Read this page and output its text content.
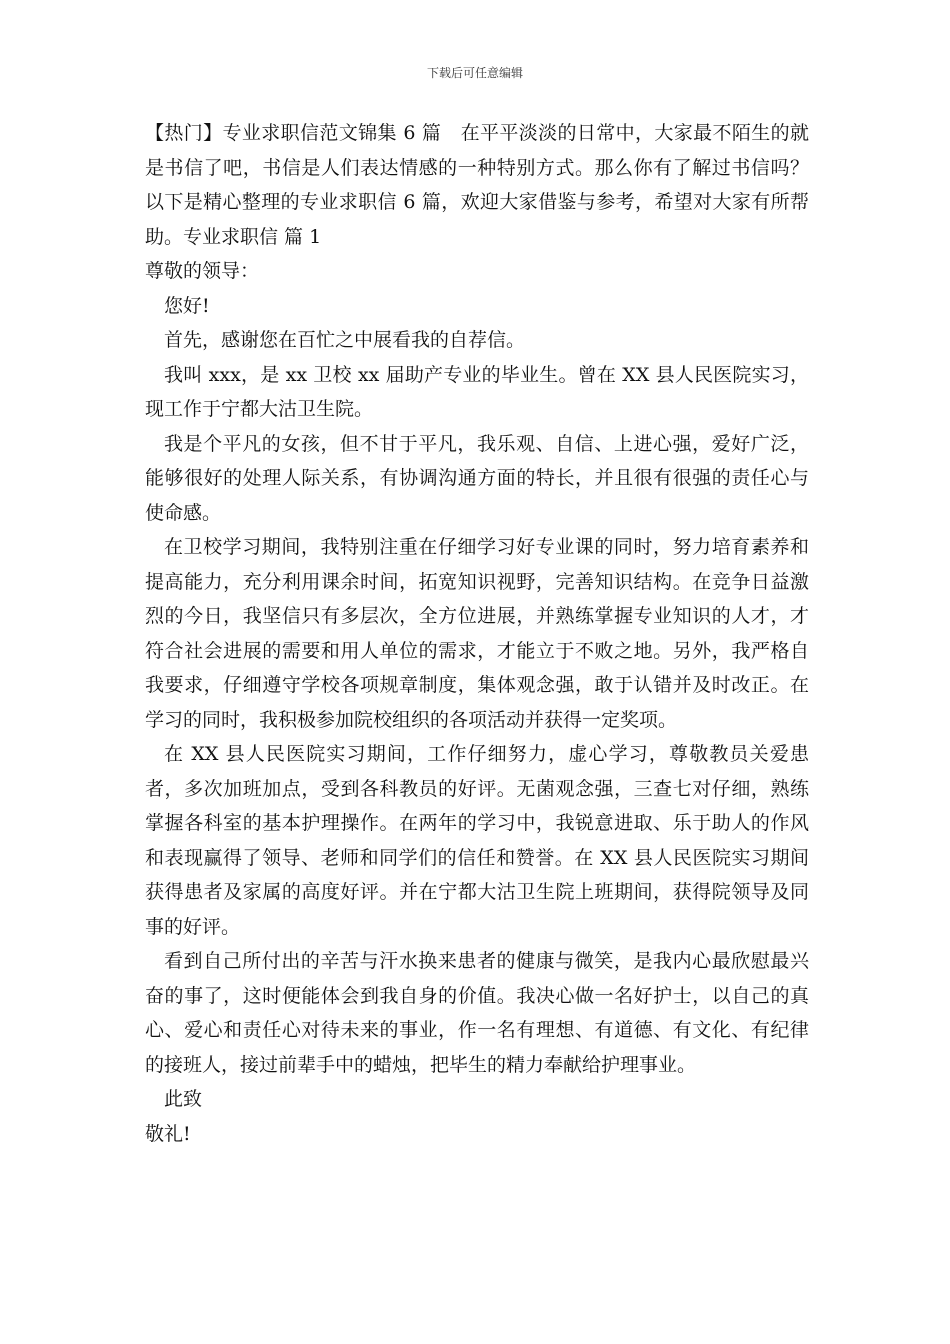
下载后可任意编辑

【热门】专业求职信范文锦集 6 篇　在平平淡淡的日常中，大家最不陌生的就是书信了吧，书信是人们表达情感的一种特别方式。那么你有了解过书信吗？以下是精心整理的专业求职信 6 篇，欢迎大家借鉴与参考，希望对大家有所帮助。专业求职信 篇 1

尊敬的领导：

您好!

首先，感谢您在百忙之中展看我的自荐信。

我叫 xxx，是 xx 卫校 xx 届助产专业的毕业生。曾在 XX 县人民医院实习，现工作于宁都大沽卫生院。

我是个平凡的女孩，但不甘于平凡，我乐观、自信、上进心强，爱好广泛，能够很好的处理人际关系，有协调沟通方面的特长，并且很有很强的责任心与使命感。

在卫校学习期间，我特别注重在仔细学习好专业课的同时，努力培育素养和提高能力，充分利用课余时间，拓宽知识视野，完善知识结构。在竞争日益激烈的今日，我坚信只有多层次，全方位进展，并熟练掌握专业知识的人才，才符合社会进展的需要和用人单位的需求，才能立于不败之地。另外，我严格自我要求，仔细遵守学校各项规章制度，集体观念强，敢于认错并及时改正。在学习的同时，我积极参加院校组织的各项活动并获得一定奖项。

在 XX 县人民医院实习期间，工作仔细努力，虚心学习，尊敬教员关爱患者，多次加班加点，受到各科教员的好评。无菌观念强，三查七对仔细，熟练掌握各科室的基本护理操作。在两年的学习中，我锐意进取、乐于助人的作风和表现赢得了领导、老师和同学们的信任和赞誉。在 XX 县人民医院实习期间获得患者及家属的高度好评。并在宁都大沽卫生院上班期间，获得院领导及同事的好评。

看到自己所付出的辛苦与汗水换来患者的健康与微笑，是我内心最欣慰最兴奋的事了，这时便能体会到我自身的价值。我决心做一名好护士，以自己的真心、爱心和责任心对待未来的事业，作一名有理想、有道德、有文化、有纪律的接班人，接过前辈手中的蜡烛，把毕生的精力奉献给护理事业。

此致

敬礼!
